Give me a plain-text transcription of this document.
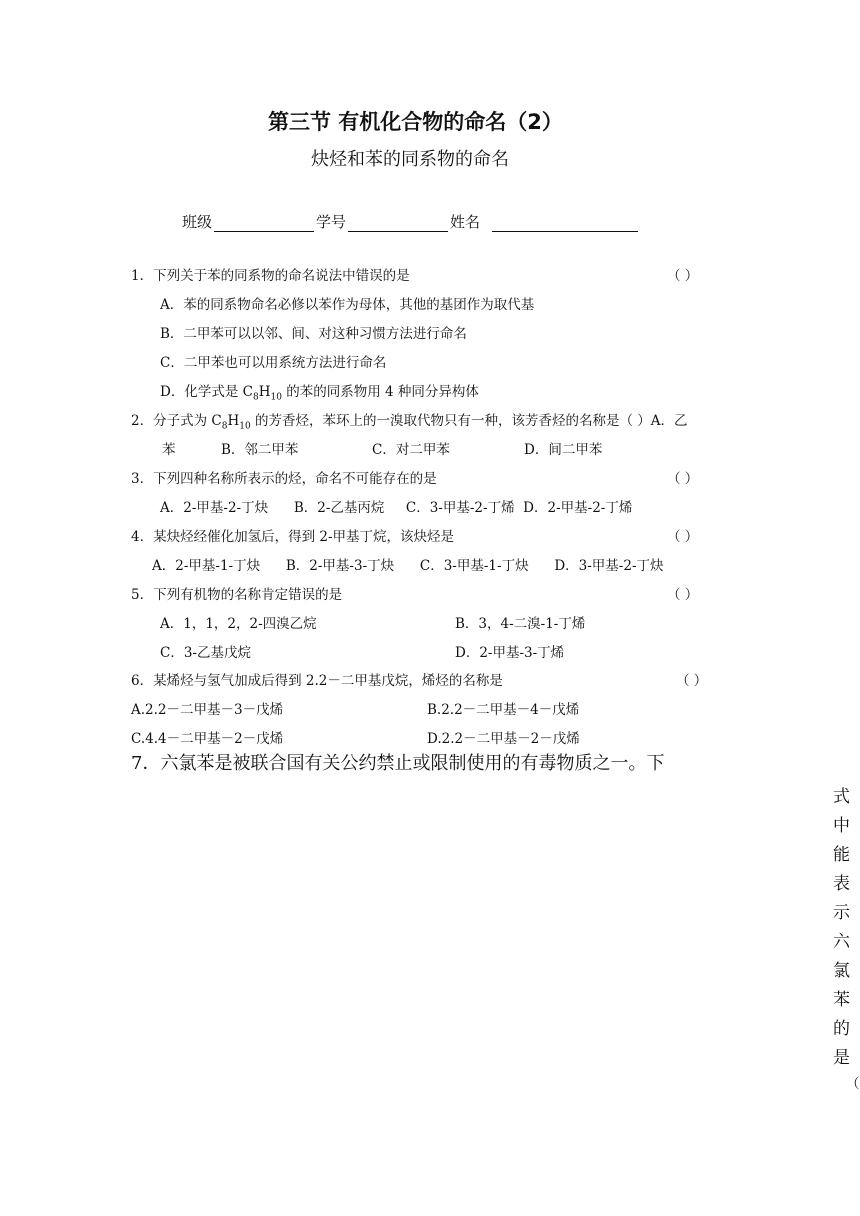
第三节 有机化合物的命名（2）
炔烃和苯的同系物的命名
班级	学号	姓名
1．下列关于苯的同系物的命名说法中错误的是	（ ）
A．苯的同系物命名必修以苯作为母体，其他的基团作为取代基
B．二甲苯可以以邻、间、对这种习惯方法进行命名
C．二甲苯也可以用系统方法进行命名
D．化学式是 $C_8H_{10}$ 的苯的同系物用 4 种同分异构体
2．分子式为 $C_8H_{10}$ 的芳香烃，苯环上的一溴取代物只有一种，该芳香烃的名称是（ ）A．乙
苯	B．邻二甲苯	C．对二甲苯	D．间二甲苯
3．下列四种名称所表示的烃，命名不可能存在的是	（ ）
A．2-甲基-2-丁炔      B．2-乙基丙烷     C．3-甲基-2-丁烯  D．2-甲基-2-丁烯
4．某炔烃经催化加氢后，得到 2-甲基丁烷，该炔烃是	（ ）
A．2-甲基-1-丁炔      B．2-甲基-3-丁炔      C．3-甲基-1-丁炔      D．3-甲基-2-丁炔
5．下列有机物的名称肯定错误的是	（ ）
A．1，1，2，2-四溴乙烷	B．3，4-二溴-1-丁烯
C．3-乙基戊烷	D．2-甲基-3-丁烯
6．某烯烃与氢气加成后得到 2.2－二甲基戊烷，烯烃的名称是	（ ）
A.2.2－二甲基－3－戊烯	B.2.2－二甲基－4－戊烯
C.4.4－二甲基－2－戊烯	D.2.2－二甲基－2－戊烯
7．六氯苯是被联合国有关公约禁止或限制使用的有毒物质之一。下
式
中
能
表
示
六
氯
苯
的
是
（
